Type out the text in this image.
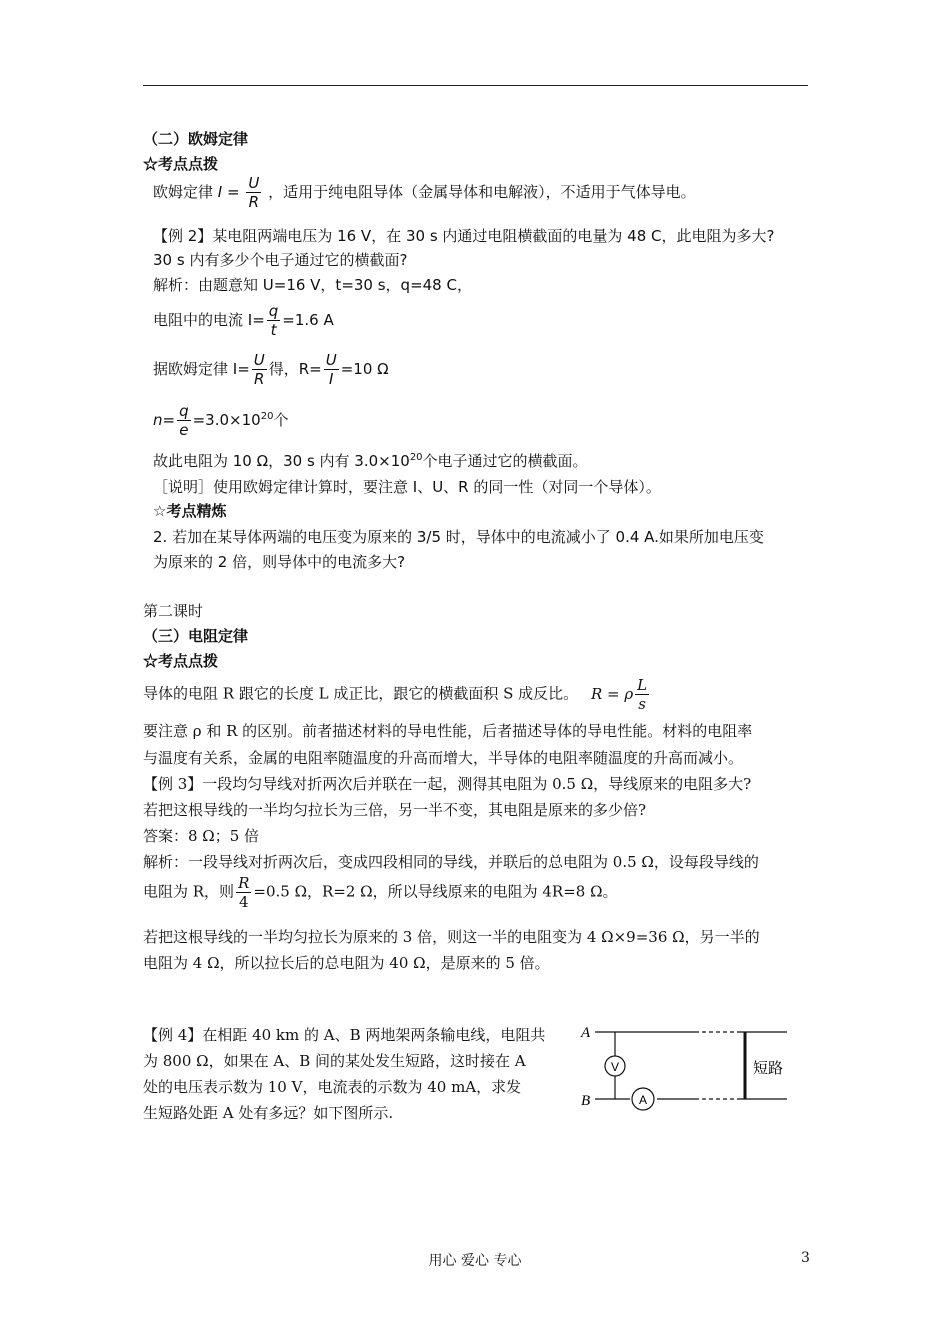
（二）欧姆定律
☆考点点拨
欧姆定律 $I = \frac{U}{R}$ ，适用于纯电阻导体（金属导体和电解液），不适用于气体导电。
【例 2】某电阻两端电压为 16 V，在 30 s 内通过电阻横截面的电量为 48 C，此电阻为多大?
30 s 内有多少个电子通过它的横截面?
解析：由题意知 U=16 V，t=30 s，q=48 C，
电阻中的电流 $I= \frac{q}{t} =1.6$ A
据欧姆定律 $I= \frac{U}{R}$ 得，$R= \frac{U}{I} =10$ Ω
$n= \frac{q}{e} =3.0\times 10^{20}$个
故此电阻为 10 Ω，30 s 内有 $3.0\times 10^{20}$个电子通过它的横截面。
［说明］使用欧姆定律计算时，要注意 I、U、R 的同一性（对同一个导体）。
☆考点精炼
2. 若加在某导体两端的电压变为原来的 3/5 时，导体中的电流减小了 0.4 A.如果所加电压变
为原来的 2 倍，则导体中的电流多大?
第二课时
（三）电阻定律
☆考点点拨
导体的电阻 R 跟它的长度 L 成正比，跟它的横截面积 S 成反比。 R = ρ $\frac{L}{s}$
要注意 ρ 和 R 的区别。前者描述材料的导电性能，后者描述导体的导电性能。材料的电阻率
与温度有关系，金属的电阻率随温度的升高而增大，半导体的电阻率随温度的升高而减小。
【例 3】一段均匀导线对折两次后并联在一起，测得其电阻为 0.5 Ω，导线原来的电阻多大?
若把这根导线的一半均匀拉长为三倍，另一半不变，其电阻是原来的多少倍?
答案：8 Ω；5 倍
解析：一段导线对折两次后，变成四段相同的导线，并联后的总电阻为 0.5 Ω，设每段导线的
电阻为 R，则 $\frac{R}{4} =0.5$ Ω，R=2 Ω，所以导线原来的电阻为 4R=8 Ω。
若把这根导线的一半均匀拉长为原来的 3 倍，则这一半的电阻变为 4 Ω×9=36 Ω，另一半的
电阻为 4 Ω，所以拉长后的总电阻为 40 Ω，是原来的 5 倍。
【例 4】在相距 40 km 的 A、B 两地架两条输电线，电阻共
为 800 Ω，如果在 A、B 间的某处发生短路，这时接在 A
处的电压表示数为 10 V，电流表的示数为 40 mA，求发
生短路处距 A 处有多远？如下图所示.
A
B
V
A
短路
用心 爱心 专心	3
